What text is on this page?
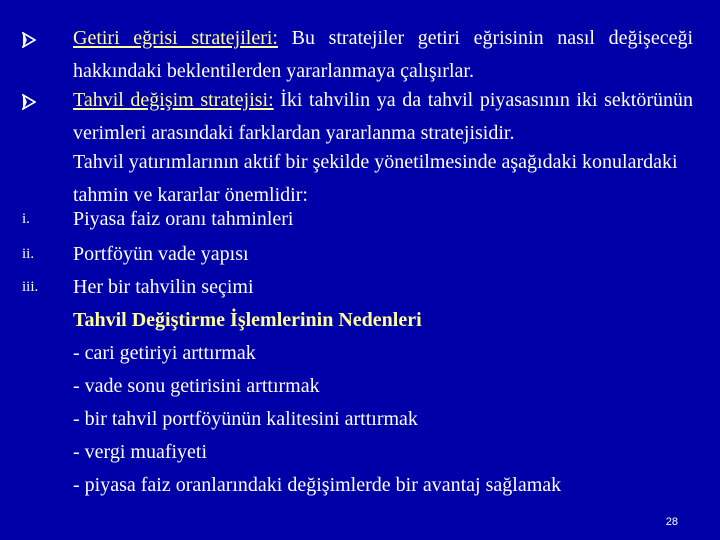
Getiri eğrisi stratejileri: Bu stratejiler getiri eğrisinin nasıl değişeceği hakkındaki beklentilerden yararlanmaya çalışırlar.
Tahvil değişim stratejisi: İki tahvilin ya da tahvil piyasasının iki sektörünün verimleri arasındaki farklardan yararlanma stratejisidir.
Tahvil yatırımlarının aktif bir şekilde yönetilmesinde aşağıdaki konulardaki tahmin ve kararlar önemlidir:
i. Piyasa faiz oranı tahminleri
ii. Portföyün vade yapısı
iii. Her bir tahvilin seçimi
Tahvil Değiştirme İşlemlerinin Nedenleri
- cari getiriyi arttırmak
- vade sonu getirisini arttırmak
- bir tahvil portföyünün kalitesini arttırmak
- vergi muafiyeti
- piyasa faiz oranlarındaki değişimlerde bir avantaj sağlamak
28
